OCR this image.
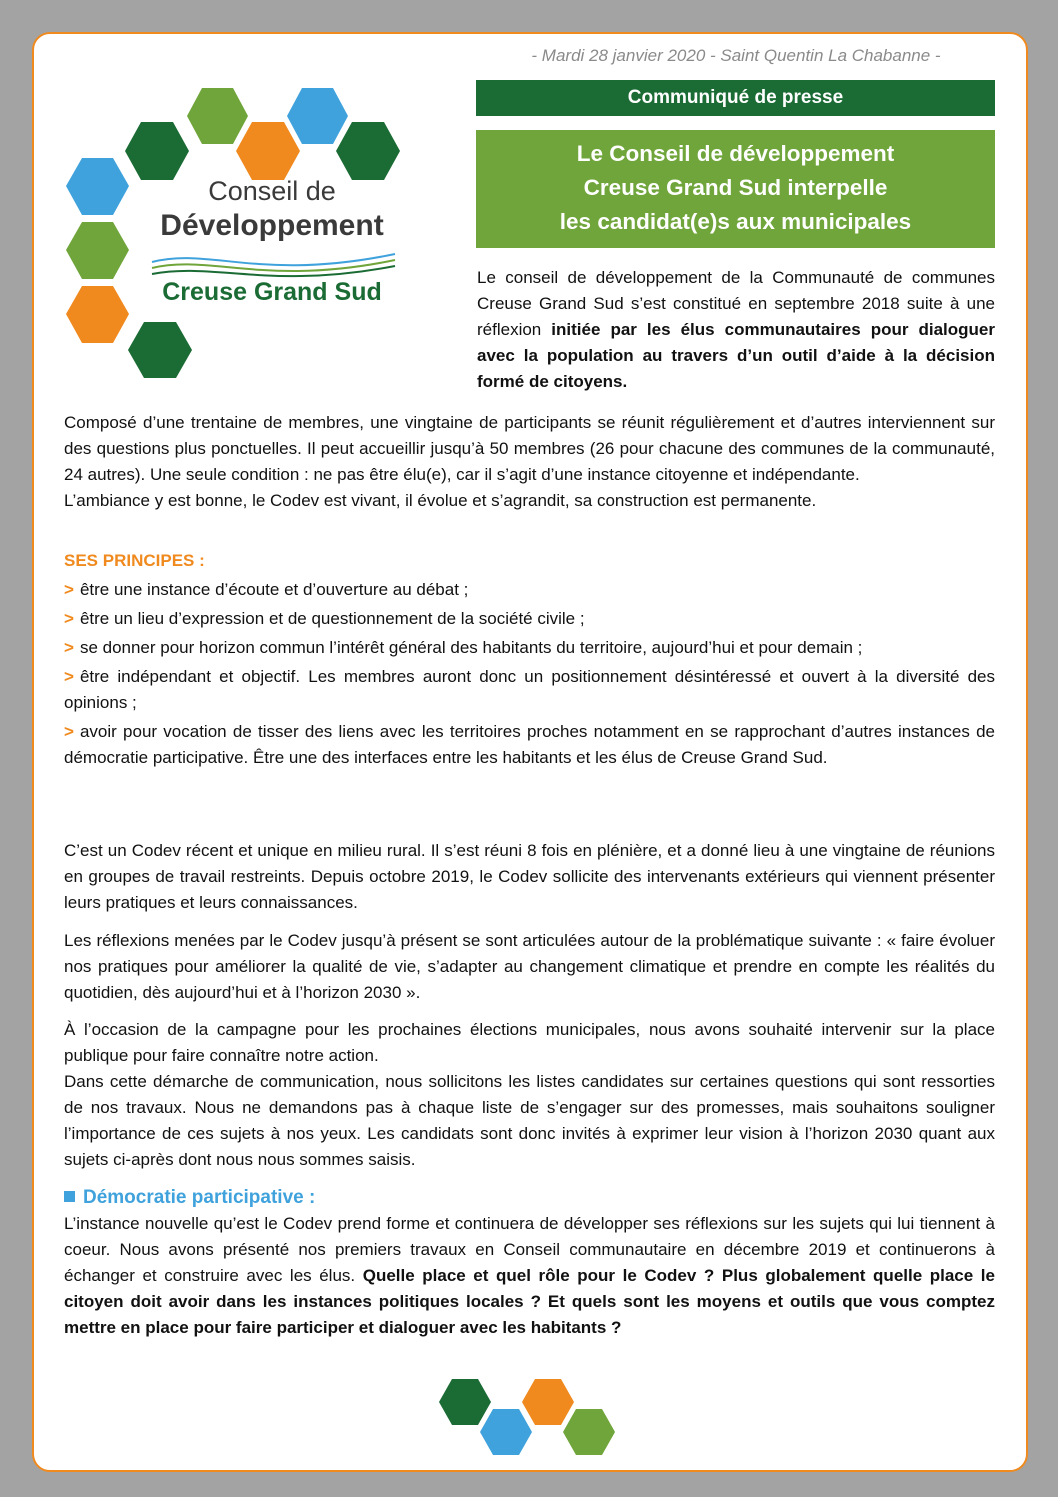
- Mardi 28 janvier 2020 - Saint Quentin La Chabanne -
Communiqué de presse
Le Conseil de développement
Creuse Grand Sud interpelle
les candidat(e)s aux municipales
Conseil de
Développement
Creuse Grand Sud
Le conseil de développement de la Communauté de communes Creuse Grand Sud s’est constitué en septembre 2018 suite à une réflexion initiée par les élus communautaires pour dialoguer avec la population au travers d’un outil d’aide à la décision formé de citoyens.

Composé d’une trentaine de membres, une vingtaine de participants se réunit régulièrement et d’autres interviennent sur des questions plus ponctuelles. Il peut accueillir jusqu’à 50 membres (26 pour chacune des communes de la communauté, 24 autres). Une seule condition : ne pas être élu(e), car il s’agit d’une instance citoyenne et indépendante.

L’ambiance y est bonne, le Codev est vivant, il évolue et s’agrandit, sa construction est permanente.

SES PRINCIPES :

> être une instance d’écoute et d’ouverture au débat ;

> être un lieu d’expression et de questionnement de la société civile ;

> se donner pour horizon commun l’intérêt général des habitants du territoire, aujourd’hui et pour demain ;

> être indépendant et objectif. Les membres auront donc un positionnement désintéressé et ouvert à la diversité des opinions ;

> avoir pour vocation de tisser des liens avec les territoires proches notamment en se rapprochant d’autres instances de démocratie participative. Être une des interfaces entre les habitants et les élus de Creuse Grand Sud.

C’est un Codev récent et unique en milieu rural. Il s’est réuni 8 fois en plénière, et a donné lieu à une vingtaine de réunions en groupes de travail restreints. Depuis octobre 2019, le Codev sollicite des intervenants extérieurs qui viennent présenter leurs pratiques et leurs connaissances.
Les réflexions menées par le Codev jusqu’à présent se sont articulées autour de la problématique suivante : « faire évoluer nos pratiques pour améliorer la qualité de vie, s’adapter au changement climatique et prendre en compte les réalités du quotidien, dès aujourd’hui et à l’horizon 2030 ».

À l’occasion de la campagne pour les prochaines élections municipales, nous avons souhaité intervenir sur la place publique pour faire connaître notre action.

Dans cette démarche de communication, nous sollicitons les listes candidates sur certaines questions qui sont ressorties de nos travaux. Nous ne demandons pas à chaque liste de s’engager sur des promesses, mais souhaitons souligner l’importance de ces sujets à nos yeux. Les candidats sont donc invités à exprimer leur vision à l’horizon 2030 quant aux sujets ci-après dont nous nous sommes saisis.

Démocratie participative :

L’instance nouvelle qu’est le Codev prend forme et continuera de développer ses réflexions sur les sujets qui lui tiennent à coeur. Nous avons présenté nos premiers travaux en Conseil communautaire en décembre 2019 et continuerons à échanger et construire avec les élus. Quelle place et quel rôle pour le Codev ? Plus globalement quelle place le citoyen doit avoir dans les instances politiques locales ? Et quels sont les moyens et outils que vous comptez mettre en place pour faire participer et dialoguer avec les habitants ?
